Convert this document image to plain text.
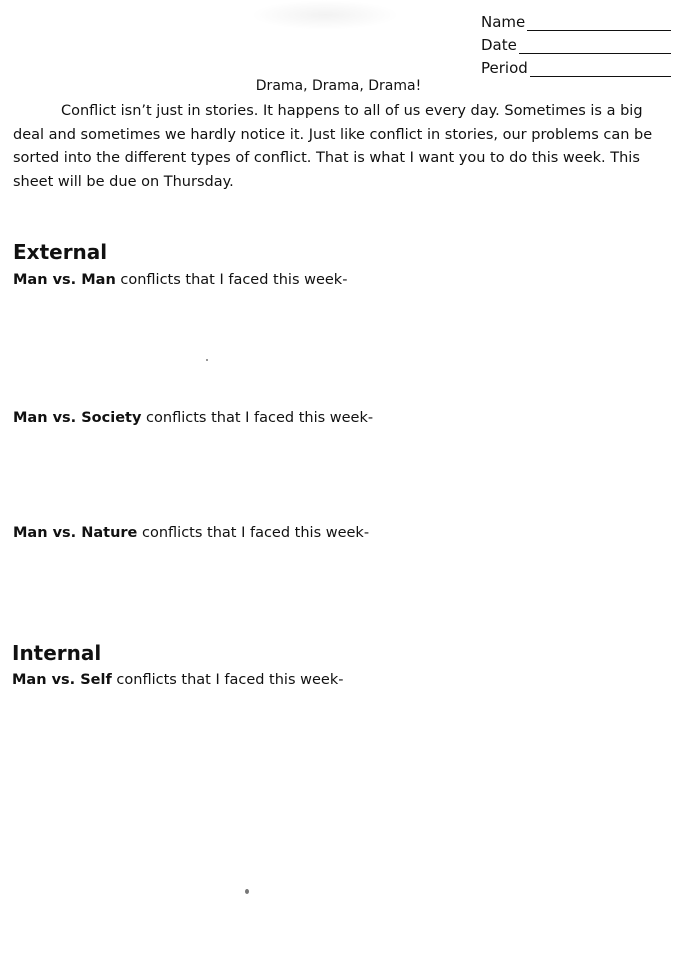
Name
Date
Period
Drama, Drama, Drama!

Conflict isn’t just in stories. It happens to all of us every day. Sometimes is a big deal and sometimes we hardly notice it. Just like conflict in stories, our problems can be sorted into the different types of conflict. That is what I want you to do this week. This sheet will be due on Thursday.

External
Man vs. Man conflicts that I faced this week-
Man vs. Society conflicts that I faced this week-
Man vs. Nature conflicts that I faced this week-
Internal
Man vs. Self conflicts that I faced this week-
